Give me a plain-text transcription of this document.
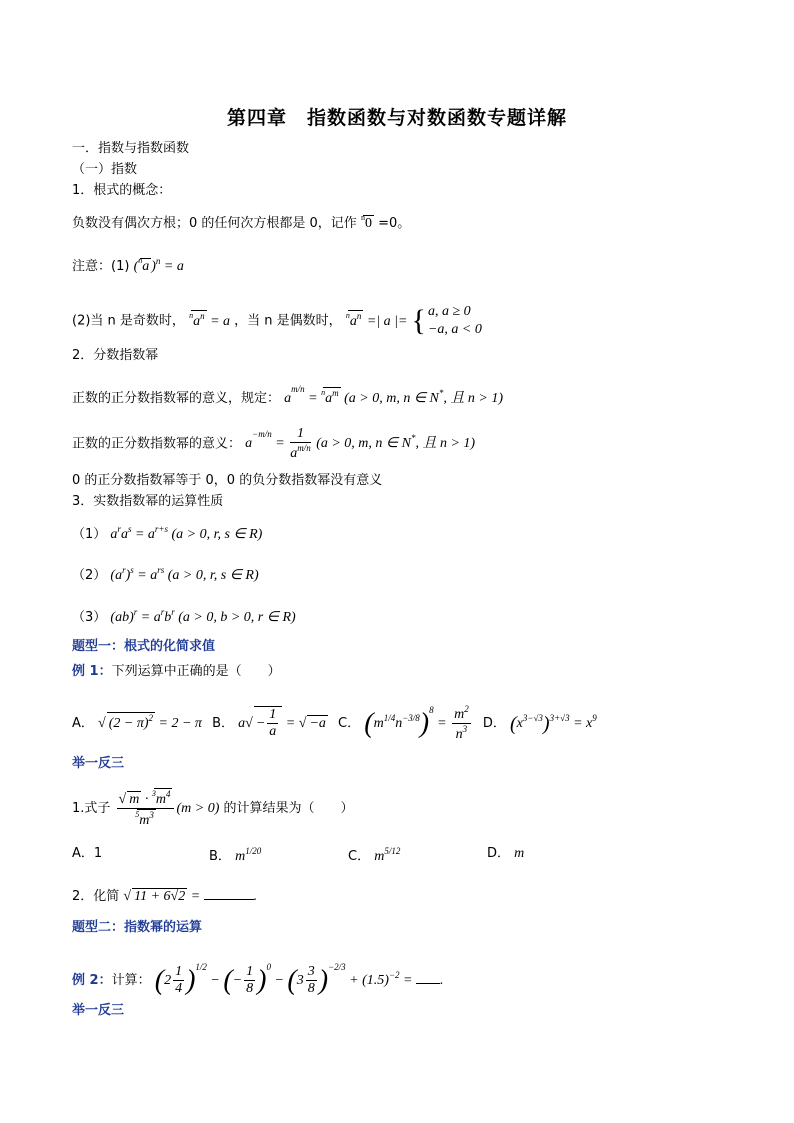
第四章　指数函数与对数函数专题详解
一．指数与指数函数
（一）指数
1．根式的概念：
负数没有偶次方根；0 的任何次方根都是 0，记作 $^n$0 =0。
注意：(1) ($^n$a )$^n$ = a
(2)当 n 是奇数时， $^na^n = a$ ，当 n 是偶数时， $^na^n$ =| a |= { a, a ≥ 0
−a, a < 0
2．分数指数幂
正数的正分数指数幂的意义，规定： $a^{m/n} = ^na^m$ (a > 0, m, n ∈ N*, 且 n > 1)
正数的正分数指数幂的意义： $a^{-m/n} = \frac{1}{a^{m/n}} (a > 0$, m, n ∈ N*, 且 n > 1)
0 的正分数指数幂等于 0，0 的负分数指数幂没有意义
3．实数指数幂的运算性质
（1） $a^ra^s = a^{r+s}$ (a > 0, r, s ∈ R)
（2） $(a^r)^s = a^{rs}$ (a > 0, r, s ∈ R)
（3） $(ab)^r = a^rb^r$ (a > 0, b > 0, r ∈ R)
题型一：根式的化简求值
例 1：下列运算中正确的是（　　）
A． √ $(2 - \pi)^2 = 2 - \pi$ B． $a√ - \frac{1}{a}$ = √ −a C． $(m^{1/4}n^{-3/8})^8 = \frac{m^2}{n^3}$ D． $(x^{3-√3})^{3+√3} = x^9$
举一反三
1.式子 $\frac{√ m \cdot ^3m^4}{^5m^3} (m > 0)$ 的计算结果为（　　）
A．1	B． $m^{1/20}$	C． $m^{5/12}$	D． m
2．化简 √ 11 + 6√2 =	.
题型二：指数幂的运算
例 2：计算： $(2 \frac{1}{4} )^{1/2}$ − (− $\frac{1}{8} )^0 - (3 \frac{3}{8} )^{-2/3} + (1.5)^{-2}$ = .
举一反三
